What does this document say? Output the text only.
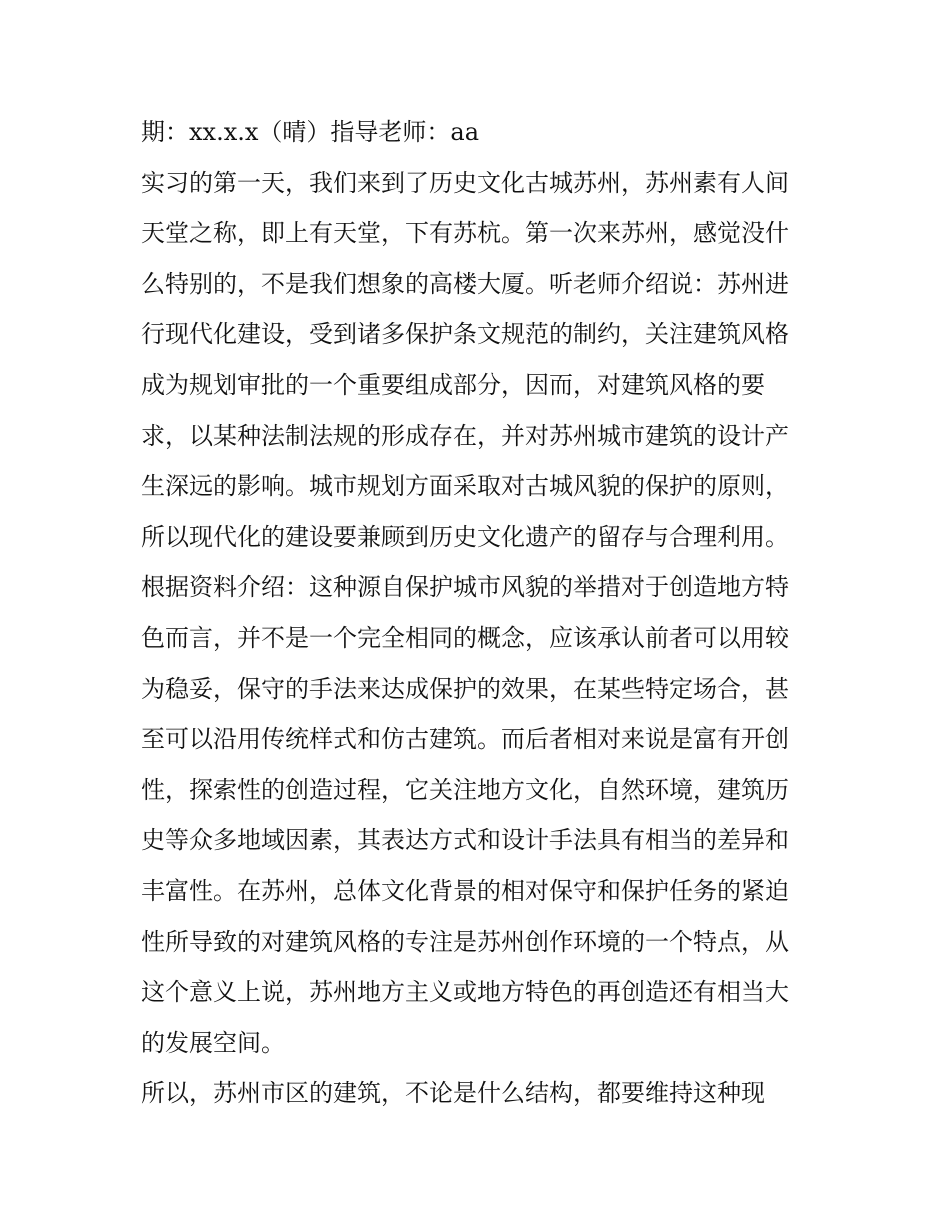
期：xx.x.x（晴）指导老师：aa
实习的第一天，我们来到了历史文化古城苏州，苏州素有人间
天堂之称，即上有天堂，下有苏杭。第一次来苏州，感觉没什
么特别的，不是我们想象的高楼大厦。听老师介绍说：苏州进
行现代化建设，受到诸多保护条文规范的制约，关注建筑风格
成为规划审批的一个重要组成部分，因而，对建筑风格的要
求，以某种法制法规的形成存在，并对苏州城市建筑的设计产
生深远的影响。城市规划方面采取对古城风貌的保护的原则，
所以现代化的建设要兼顾到历史文化遗产的留存与合理利用。
根据资料介绍：这种源自保护城市风貌的举措对于创造地方特
色而言，并不是一个完全相同的概念，应该承认前者可以用较
为稳妥，保守的手法来达成保护的效果，在某些特定场合，甚
至可以沿用传统样式和仿古建筑。而后者相对来说是富有开创
性，探索性的创造过程，它关注地方文化，自然环境，建筑历
史等众多地域因素，其表达方式和设计手法具有相当的差异和
丰富性。在苏州，总体文化背景的相对保守和保护任务的紧迫
性所导致的对建筑风格的专注是苏州创作环境的一个特点，从
这个意义上说，苏州地方主义或地方特色的再创造还有相当大
的发展空间。
所以，苏州市区的建筑，不论是什么结构，都要维持这种现
